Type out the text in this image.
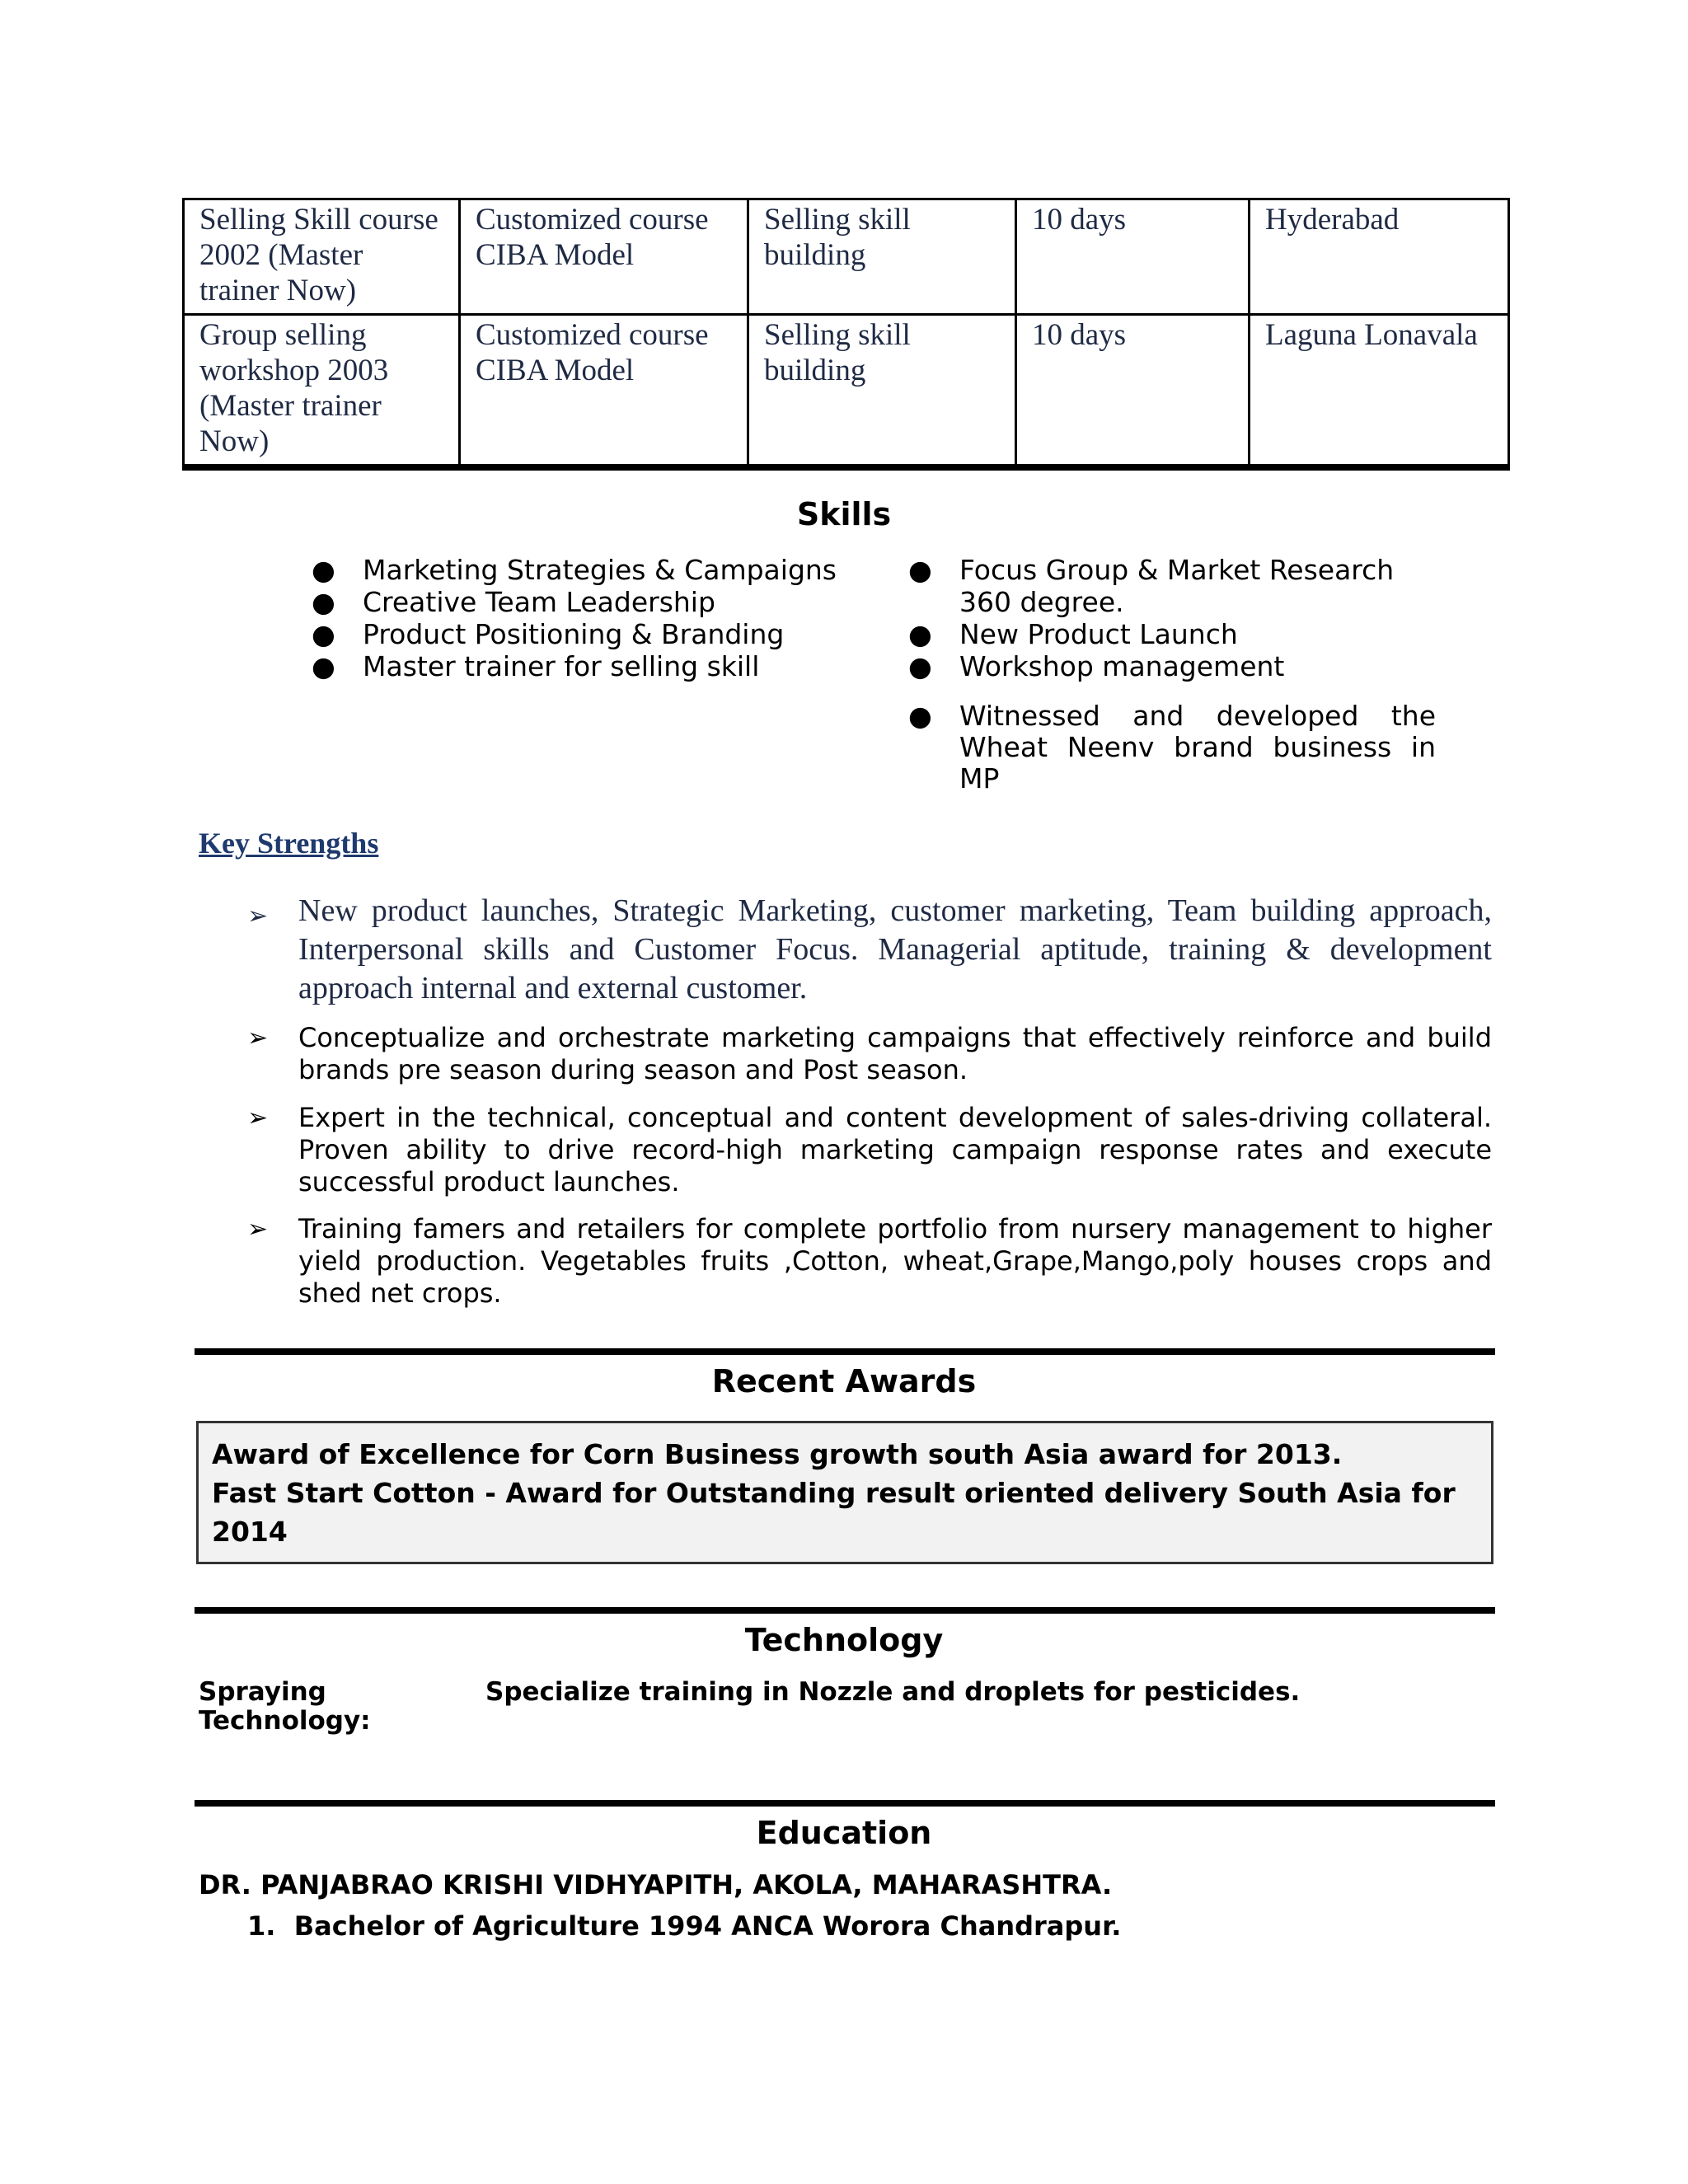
Selling Skill course 2002 (Master trainer Now)	Customized course CIBA Model	Selling skill building	10 days	Hyderabad
Group selling workshop 2003 (Master trainer Now)	Customized course CIBA Model	Selling skill building	10 days	Laguna Lonavala
Skills
● Marketing Strategies & Campaigns
● Creative Team Leadership
● Product Positioning & Branding
● Master trainer for selling skill
● Focus Group & Market Research
360 degree.
● New Product Launch
● Workshop management
● Witnessed and developed the Wheat Neenv brand business in MP
Key Strengths
➢ New product launches, Strategic Marketing, customer marketing, Team building approach, Interpersonal skills and Customer Focus. Managerial aptitude, training & development approach internal and external customer.
➢ Conceptualize and orchestrate marketing campaigns that effectively reinforce and build brands pre season during season and Post season.
➢ Expert in the technical, conceptual and content development of sales-driving collateral. Proven ability to drive record-high marketing campaign response rates and execute successful product launches.
➢ Training famers and retailers for complete portfolio from nursery management to higher yield production. Vegetables fruits ,Cotton, wheat,Grape,Mango,poly houses crops and shed net crops.
Recent Awards
Award of Excellence for Corn Business growth south Asia award for 2013.
Fast Start Cotton - Award for Outstanding result oriented delivery South Asia for 2014
Technology
Spraying Technology:
Specialize training in Nozzle and droplets for pesticides.
Education
DR. PANJABRAO KRISHI VIDHYAPITH, AKOLA, MAHARASHTRA.
1. Bachelor of Agriculture 1994 ANCA Worora Chandrapur.
